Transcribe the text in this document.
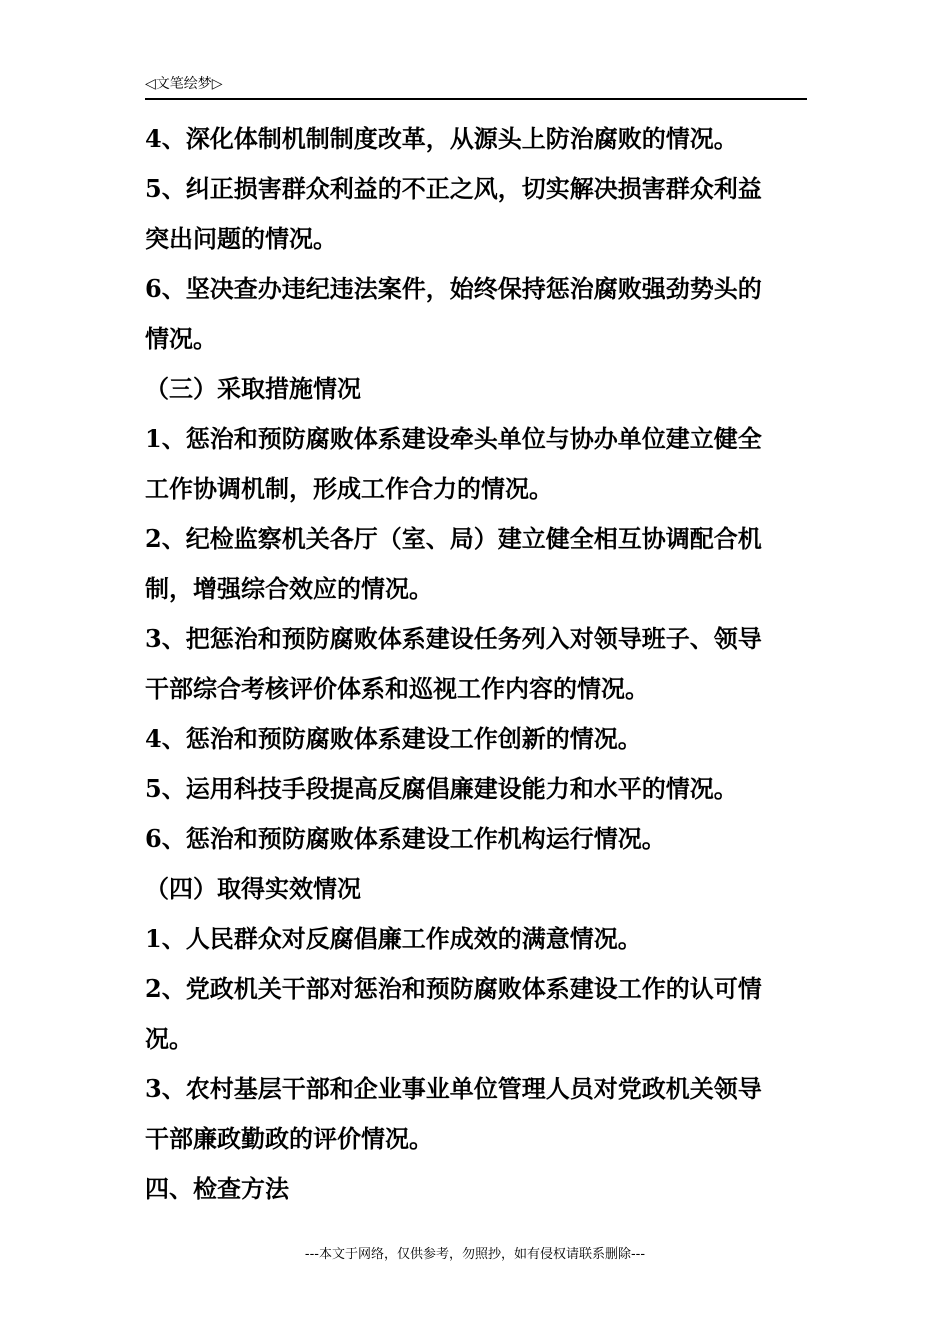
◁文笔绘梦▷

4、深化体制机制制度改革，从源头上防治腐败的情况。

5、纠正损害群众利益的不正之风，切实解决损害群众利益

突出问题的情况。

6、坚决查办违纪违法案件，始终保持惩治腐败强劲势头的

情况。

（三）采取措施情况

1、惩治和预防腐败体系建设牵头单位与协办单位建立健全

工作协调机制，形成工作合力的情况。

2、纪检监察机关各厅（室、局）建立健全相互协调配合机

制，增强综合效应的情况。

3、把惩治和预防腐败体系建设任务列入对领导班子、领导

干部综合考核评价体系和巡视工作内容的情况。

4、惩治和预防腐败体系建设工作创新的情况。

5、运用科技手段提高反腐倡廉建设能力和水平的情况。

6、惩治和预防腐败体系建设工作机构运行情况。

（四）取得实效情况

1、人民群众对反腐倡廉工作成效的满意情况。

2、党政机关干部对惩治和预防腐败体系建设工作的认可情

况。

3、农村基层干部和企业事业单位管理人员对党政机关领导

干部廉政勤政的评价情况。

四、检查方法

---本文于网络，仅供参考，勿照抄，如有侵权请联系删除---
